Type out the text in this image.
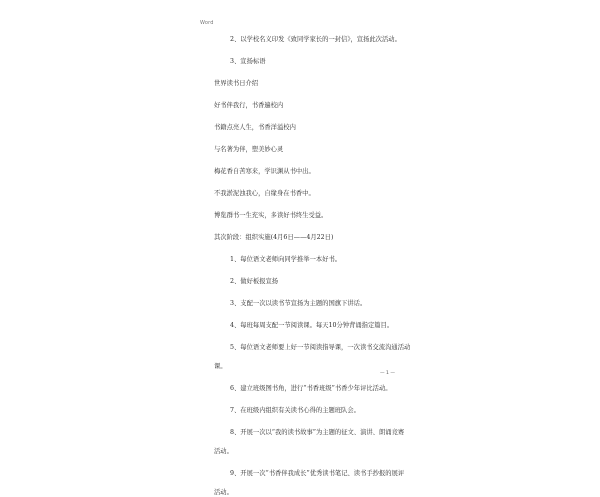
Word

2、以学校名义印发《致同学家长的一封信》，宣扬此次活动。

3、宣扬标语

世界读书日介绍

好书伴我行，书香遍校内

书籍点亮人生，书香洋溢校内

与名著为伴，塑美妙心灵

梅花香自苦寒来，学识渊从书中出。

不我淤泥浊我心，自缘身在书香中。

博览群书一生充实，多读好书终生受益。

其次阶段：组织实施(4月6日——4月22日)

1、每位语文老师向同学推举一本好书。

2、做好板报宣扬

3、支配一次以读书节宣扬为主题的国旗下讲话。

4、每班每周支配一节阅读课。每天10分钟背诵指定篇目。

5、每位语文老师要上好一节阅读指导课，一次读书交流沟通活动

课。

6、建立班级图书角，进行“书香班级”书香少年评比活动。

7、在班级内组织有关读书心得的主题班队会。

8、开展一次以“我的读书故事”为主题的征文、演讲、朗诵竞赛

活动。

9、开展一次“书香伴我成长”优秀读书笔记、读书手抄报的展评

活动。

— 1 —
